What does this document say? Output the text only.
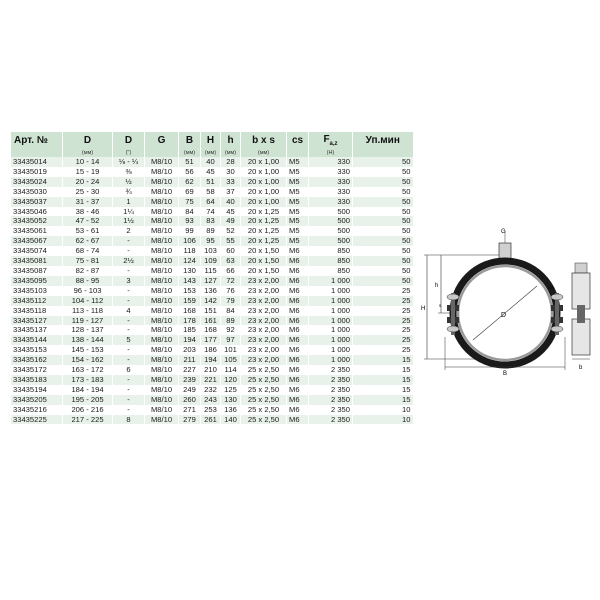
Арт. №	D	D	G	B	H	h	b x s	cs	$F_{a,z}$	Уп.мин
	(мм)	(")		(мм)	(мм)	(мм)	(мм)		(Н)	
33435014	10 - 14	⅛ - ¼	M8/10	51	40	28	20 x 1,00	M5	330	50
33435019	15 - 19	⅜	M8/10	56	45	30	20 x 1,00	M5	330	50
33435024	20 - 24	½	M8/10	62	51	33	20 x 1,00	M5	330	50
33435030	25 - 30	¾	M8/10	69	58	37	20 x 1,00	M5	330	50
33435037	31 - 37	1	M8/10	75	64	40	20 x 1,00	M5	330	50
33435046	38 - 46	1¼	M8/10	84	74	45	20 x 1,25	M5	500	50
33435052	47 - 52	1½	M8/10	93	83	49	20 x 1,25	M5	500	50
33435061	53 - 61	2	M8/10	99	89	52	20 x 1,25	M5	500	50
33435067	62 - 67	-	M8/10	106	95	55	20 x 1,25	M5	500	50
33435074	68 - 74	-	M8/10	118	103	60	20 x 1,50	M6	850	50
33435081	75 - 81	2½	M8/10	124	109	63	20 x 1,50	M6	850	50
33435087	82 - 87	-	M8/10	130	115	66	20 x 1,50	M6	850	50
33435095	88 - 95	3	M8/10	143	127	72	23 x 2,00	M6	1 000	50
33435103	96 - 103	-	M8/10	153	136	76	23 x 2,00	M6	1 000	25
33435112	104 - 112	-	M8/10	159	142	79	23 x 2,00	M6	1 000	25
33435118	113 - 118	4	M8/10	168	151	84	23 x 2,00	M6	1 000	25
33435127	119 - 127	-	M8/10	178	161	89	23 x 2,00	M6	1 000	25
33435137	128 - 137	-	M8/10	185	168	92	23 x 2,00	M6	1 000	25
33435144	138 - 144	5	M8/10	194	177	97	23 x 2,00	M6	1 000	25
33435153	145 - 153	-	M8/10	203	186	101	23 x 2,00	M6	1 000	25
33435162	154 - 162	-	M8/10	211	194	105	23 x 2,00	M6	1 000	15
33435172	163 - 172	6	M8/10	227	210	114	25 x 2,50	M6	2 350	15
33435183	173 - 183	-	M8/10	239	221	120	25 x 2,50	M6	2 350	15
33435194	184 - 194	-	M8/10	249	232	125	25 x 2,50	M6	2 350	15
33435205	195 - 205	-	M8/10	260	243	130	25 x 2,50	M6	2 350	15
33435216	206 - 216	-	M8/10	271	253	136	25 x 2,50	M6	2 350	10
33435225	217 - 225	8	M8/10	279	261	140	25 x 2,50	M6	2 350	10
H
h
G
D
s
cs
B
b
